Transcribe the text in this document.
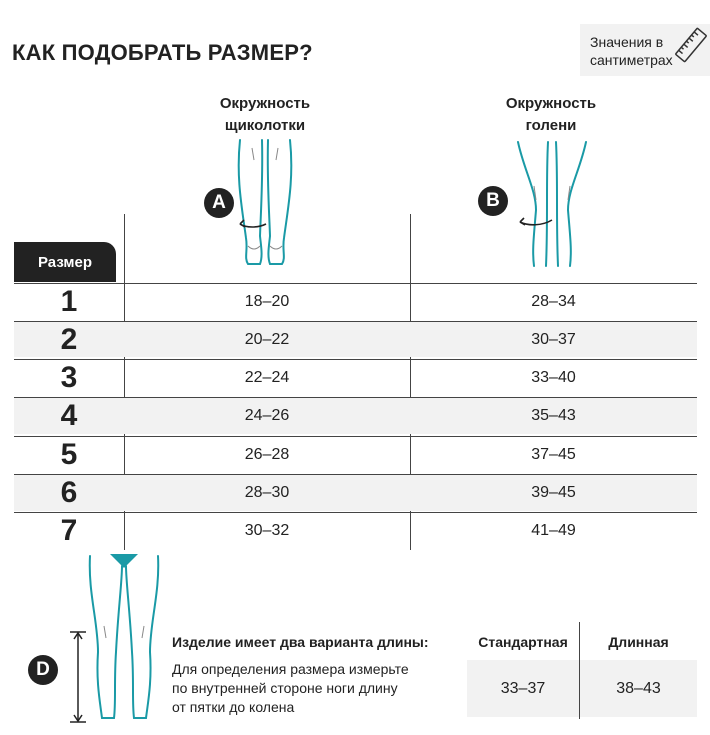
КАК ПОДОБРАТЬ РАЗМЕР?	Значения в
сантиметрах
Окружность
щиколотки
Окружность
голени
A	B
Размер
1	18–20	28–34
2	20–22	30–37
3	22–24	33–40
4	24–26	35–43
5	26–28	37–45
6	28–30	39–45
7	30–32	41–49
D
Изделие имеет два варианта длины:
Для определения размера измерьте
по внутренней стороне ноги длину
от пятки до колена
Стандартная	Длинная
33–37	38–43
